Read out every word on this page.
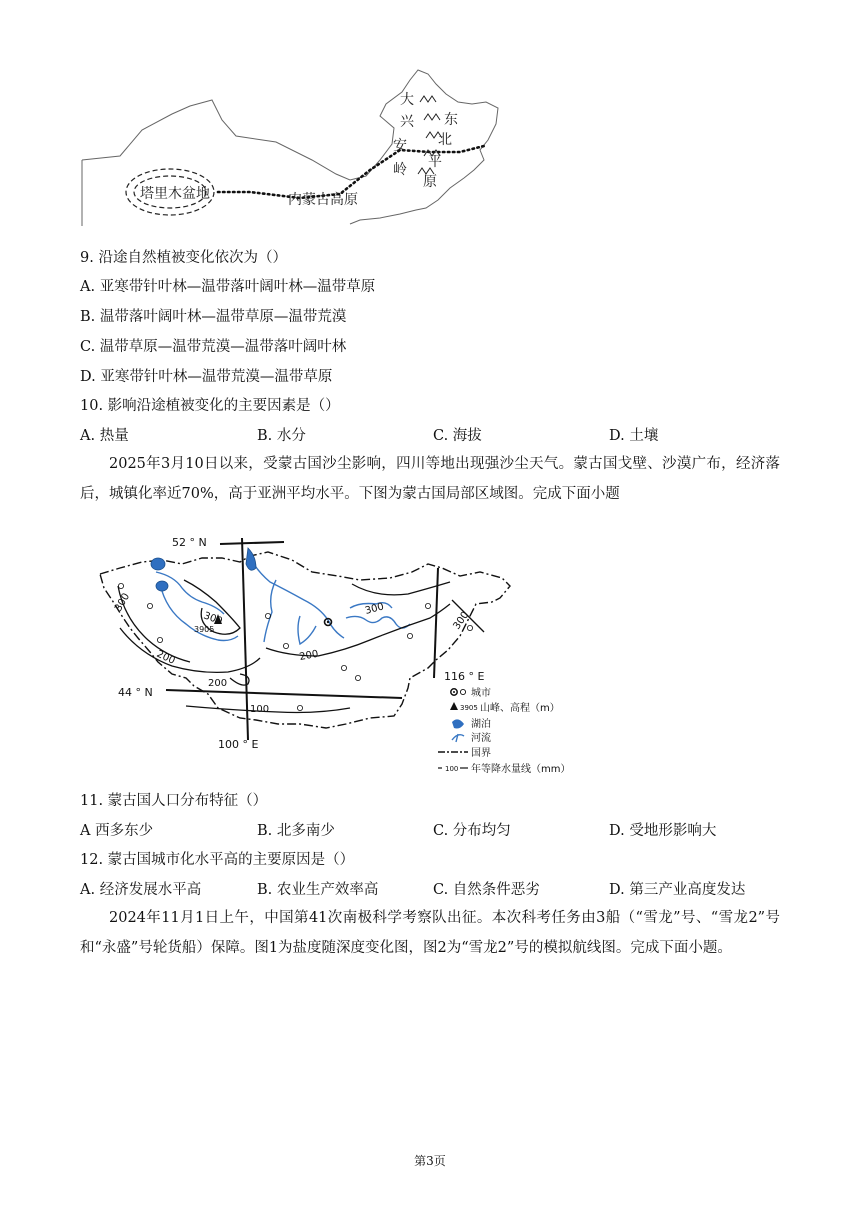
塔里木盆地	内蒙古高原
大
兴
安
岭
东
北
平
原
9. 沿途自然植被变化依次为（）
A. 亚寒带针叶林—温带落叶阔叶林—温带草原
B. 温带落叶阔叶林—温带草原—温带荒漠
C. 温带草原—温带荒漠—温带落叶阔叶林
D. 亚寒带针叶林—温带荒漠—温带草原
10. 影响沿途植被变化的主要因素是（）
A. 热量	B. 水分	C. 海拔	D. 土壤
2025年3月10日以来，受蒙古国沙尘影响，四川等地出现强沙尘天气。蒙古国戈壁、沙漠广布，经济落后，城镇化率近70%，高于亚洲平均水平。下图为蒙古国局部区域图。完成下面小题
3905
300
300
300
300
200	200
200
100
52 ° N
44 ° N
100 ° E
116 ° E
城市
3905 山峰、高程（m）
湖泊
河流
国界
100 年等降水量线（mm）
11. 蒙古国人口分布特征（）
A 西多东少	B. 北多南少	C. 分布均匀	D. 受地形影响大
12. 蒙古国城市化水平高的主要原因是（）
A. 经济发展水平高	B. 农业生产效率高	C. 自然条件恶劣	D. 第三产业高度发达
2024年11月1日上午，中国第41次南极科学考察队出征。本次科考任务由3船（“雪龙”号、“雪龙2”号和“永盛”号轮货船）保障。图1为盐度随深度变化图，图2为“雪龙2”号的模拟航线图。完成下面小题。
第3页
